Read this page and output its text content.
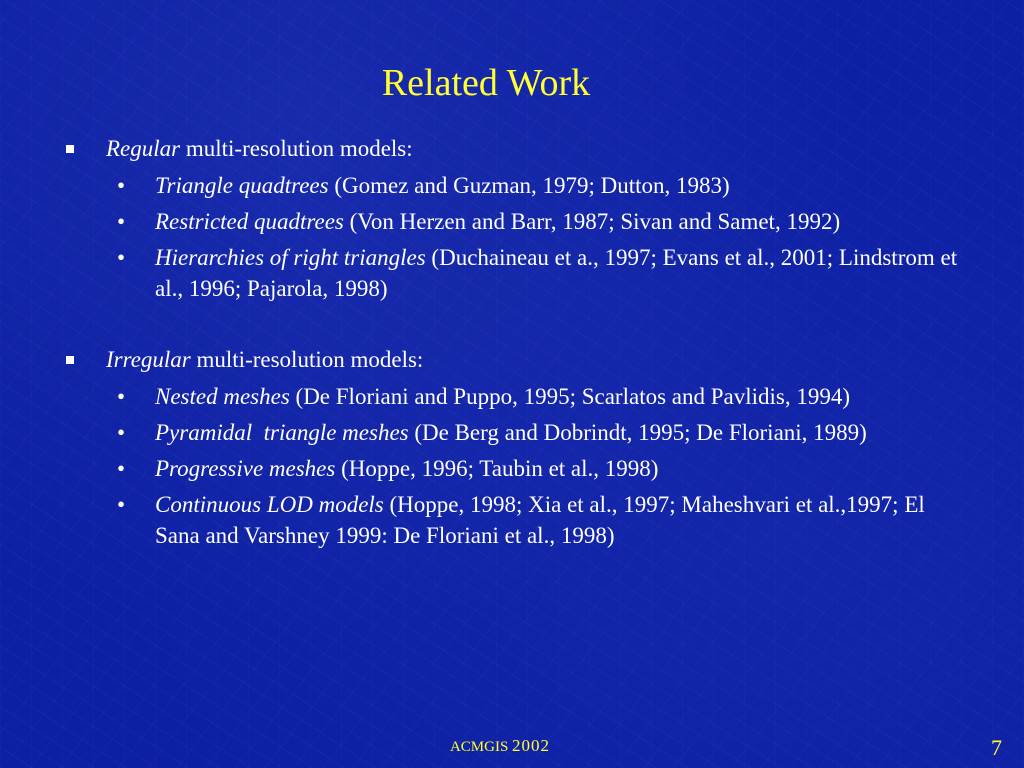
Related Work
Regular multi-resolution models:
• Triangle quadtrees (Gomez and Guzman, 1979; Dutton, 1983)
• Restricted quadtrees (Von Herzen and Barr, 1987; Sivan and Samet, 1992)
• Hierarchies of right triangles (Duchaineau et a., 1997; Evans et al., 2001; Lindstrom et al., 1996; Pajarola, 1998)
Irregular multi-resolution models:
• Nested meshes (De Floriani and Puppo, 1995; Scarlatos and Pavlidis, 1994)
• Pyramidal  triangle meshes (De Berg and Dobrindt, 1995; De Floriani, 1989)
• Progressive meshes (Hoppe, 1996; Taubin et al., 1998)
• Continuous LOD models (Hoppe, 1998; Xia et al., 1997; Maheshvari et al.,1997; El Sana and Varshney 1999: De Floriani et al., 1998)
ACMGIS 2002	7
